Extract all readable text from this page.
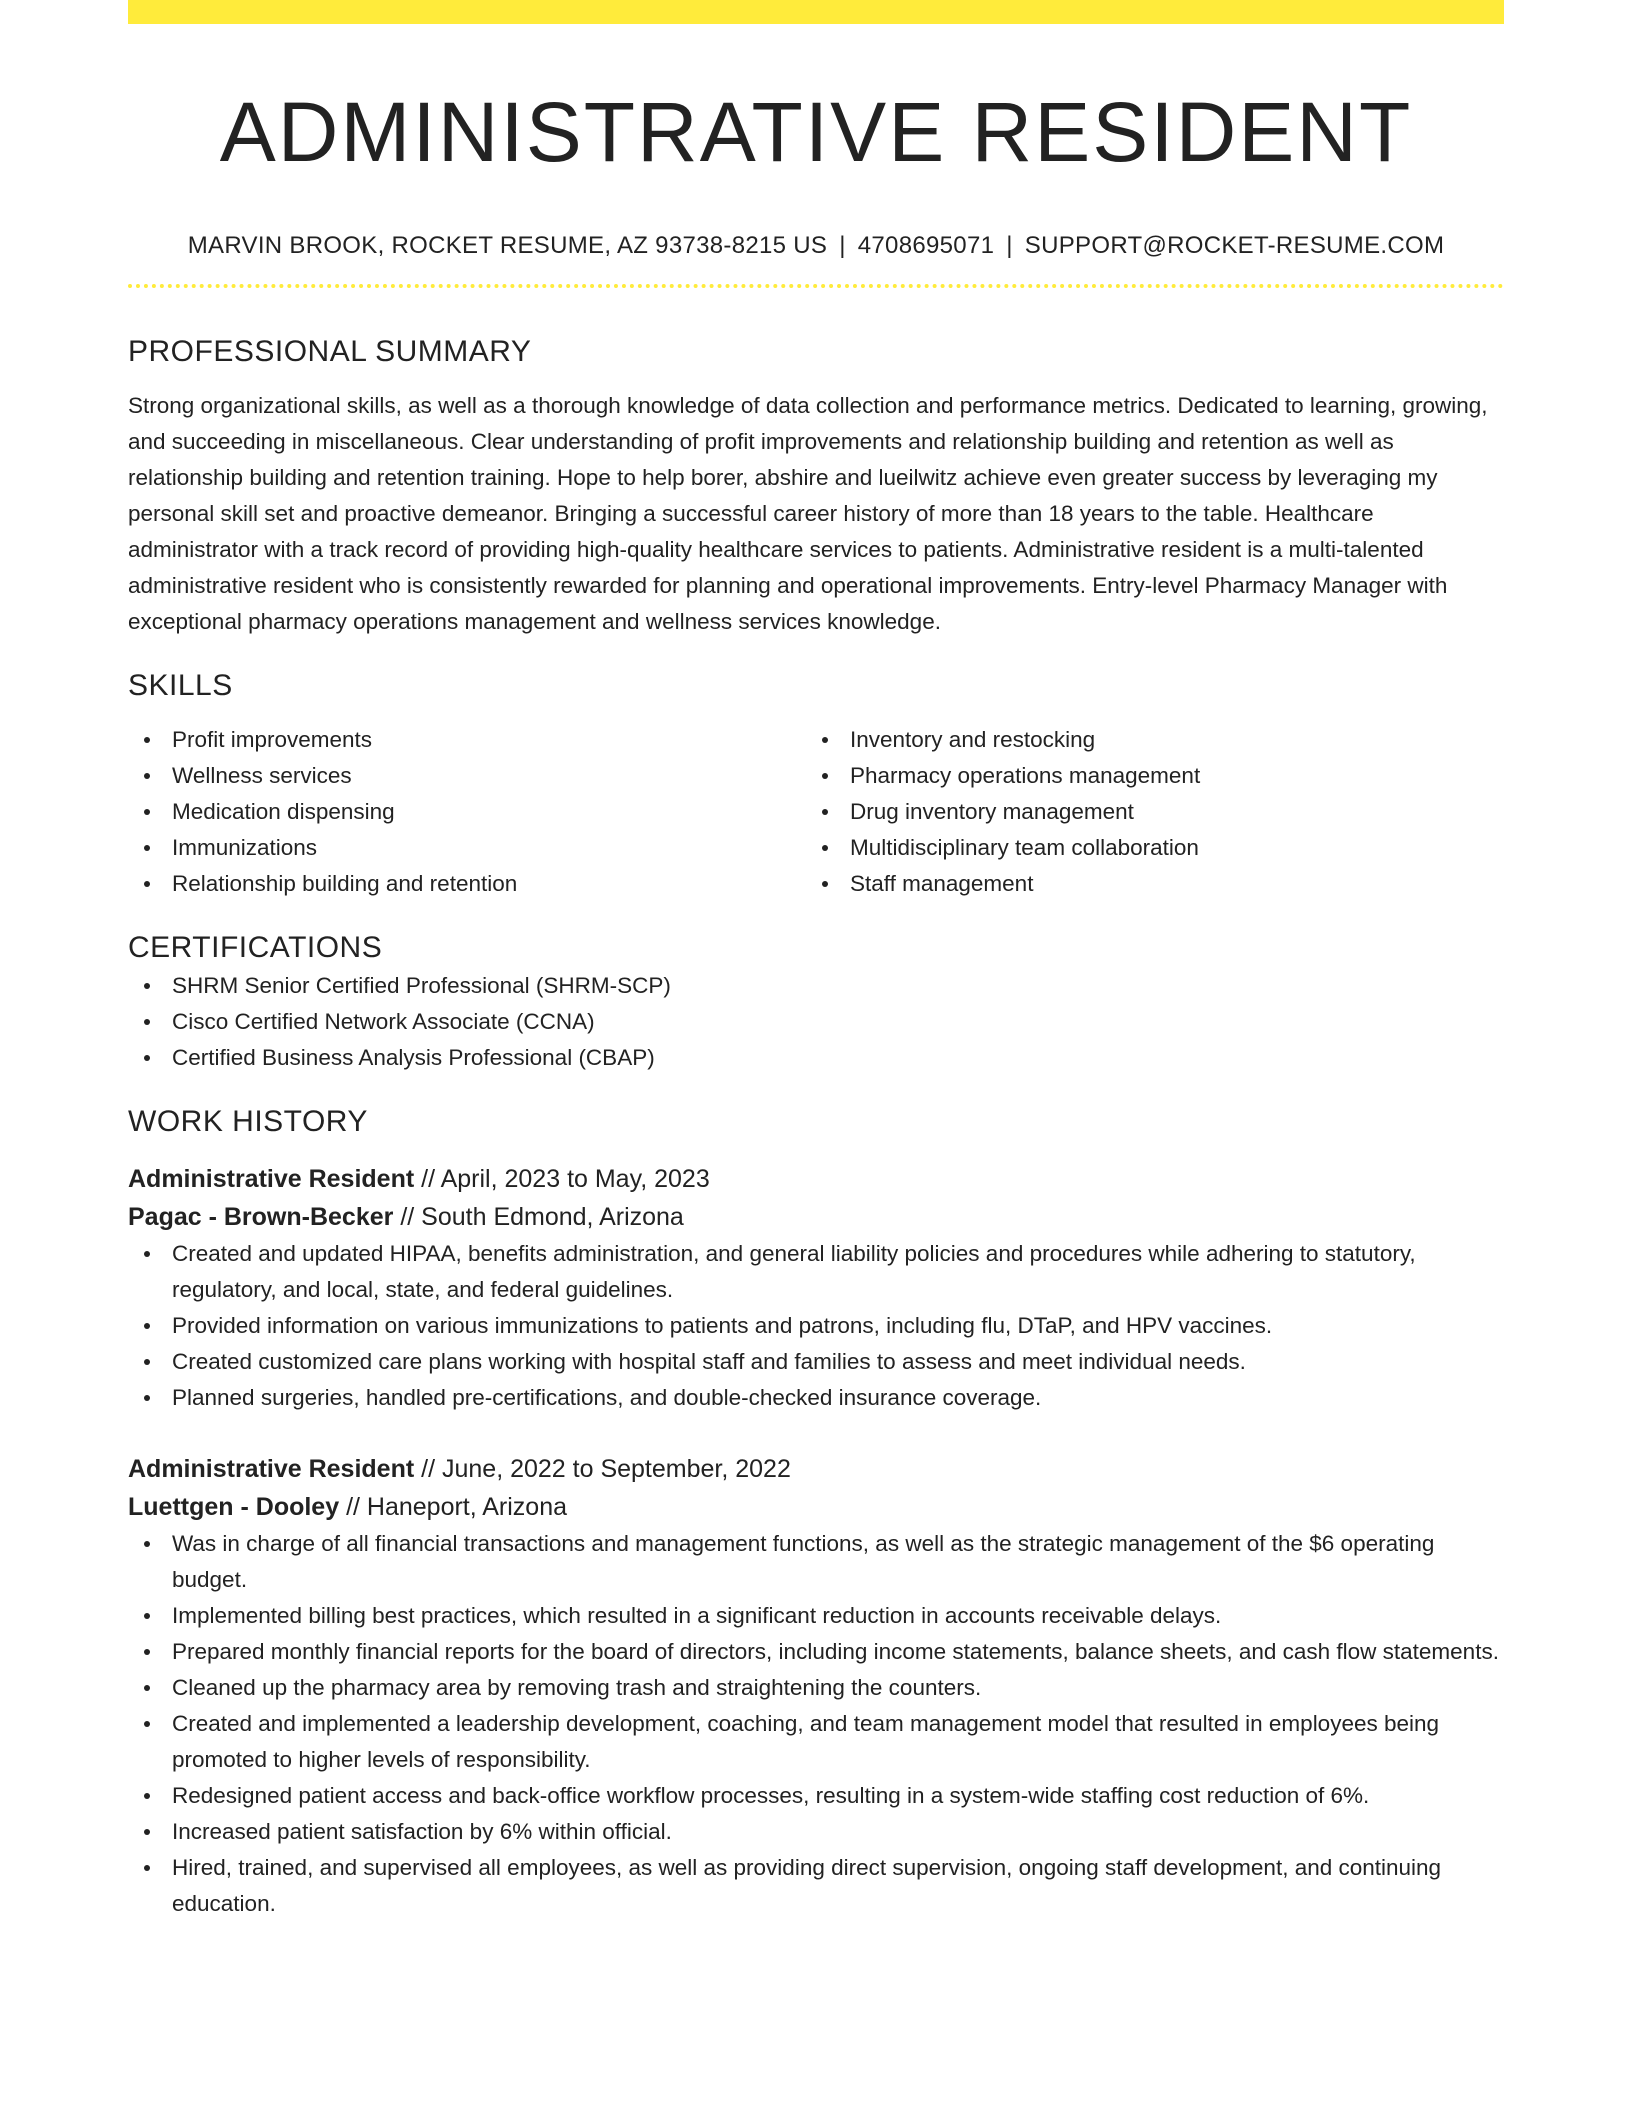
ADMINISTRATIVE RESIDENT
MARVIN BROOK, ROCKET RESUME, AZ 93738-8215 US | 4708695071 | SUPPORT@ROCKET-RESUME.COM
PROFESSIONAL SUMMARY
Strong organizational skills, as well as a thorough knowledge of data collection and performance metrics. Dedicated to learning, growing, and succeeding in miscellaneous. Clear understanding of profit improvements and relationship building and retention as well as relationship building and retention training. Hope to help borer, abshire and lueilwitz achieve even greater success by leveraging my personal skill set and proactive demeanor. Bringing a successful career history of more than 18 years to the table. Healthcare administrator with a track record of providing high-quality healthcare services to patients. Administrative resident is a multi-talented administrative resident who is consistently rewarded for planning and operational improvements. Entry-level Pharmacy Manager with exceptional pharmacy operations management and wellness services knowledge.
SKILLS
Profit improvements
Wellness services
Medication dispensing
Immunizations
Relationship building and retention
Inventory and restocking
Pharmacy operations management
Drug inventory management
Multidisciplinary team collaboration
Staff management
CERTIFICATIONS
SHRM Senior Certified Professional (SHRM-SCP)
Cisco Certified Network Associate (CCNA)
Certified Business Analysis Professional (CBAP)
WORK HISTORY
Administrative Resident // April, 2023 to May, 2023
Pagac - Brown-Becker // South Edmond, Arizona
Created and updated HIPAA, benefits administration, and general liability policies and procedures while adhering to statutory, regulatory, and local, state, and federal guidelines.
Provided information on various immunizations to patients and patrons, including flu, DTaP, and HPV vaccines.
Created customized care plans working with hospital staff and families to assess and meet individual needs.
Planned surgeries, handled pre-certifications, and double-checked insurance coverage.
Administrative Resident // June, 2022 to September, 2022
Luettgen - Dooley // Haneport, Arizona
Was in charge of all financial transactions and management functions, as well as the strategic management of the $6 operating budget.
Implemented billing best practices, which resulted in a significant reduction in accounts receivable delays.
Prepared monthly financial reports for the board of directors, including income statements, balance sheets, and cash flow statements.
Cleaned up the pharmacy area by removing trash and straightening the counters.
Created and implemented a leadership development, coaching, and team management model that resulted in employees being promoted to higher levels of responsibility.
Redesigned patient access and back-office workflow processes, resulting in a system-wide staffing cost reduction of 6%.
Increased patient satisfaction by 6% within official.
Hired, trained, and supervised all employees, as well as providing direct supervision, ongoing staff development, and continuing education.
